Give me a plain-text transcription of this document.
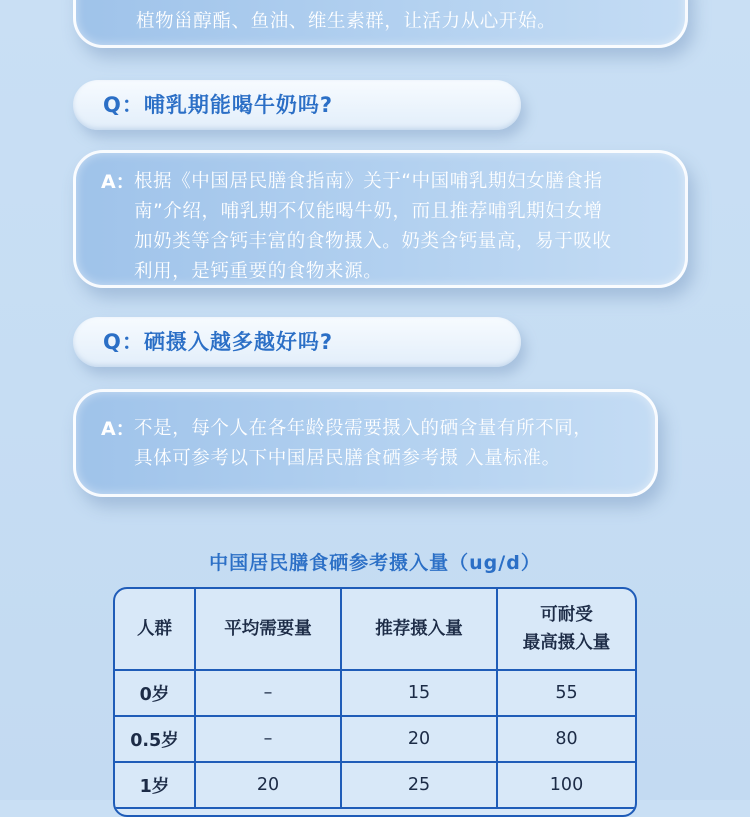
植物甾醇酯、鱼油、维生素群，让活力从心开始。
Q：哺乳期能喝牛奶吗?
A： 根据《中国居民膳食指南》关于“中国哺乳期妇女膳食指
南”介绍，哺乳期不仅能喝牛奶，而且推荐哺乳期妇女增
加奶类等含钙丰富的食物摄入。奶类含钙量高，易于吸收
利用，是钙重要的食物来源。
Q：硒摄入越多越好吗?
A： 不是，每个人在各年龄段需要摄入的硒含量有所不同，
具体可参考以下中国居民膳食硒参考摄 入量标准。
中国居民膳食硒参考摄入量（ug/d）
人群	平均需要量	推荐摄入量	可耐受
最高摄入量

0岁	–	15	55
0.5岁	–	20	80
1岁	20	25	100
